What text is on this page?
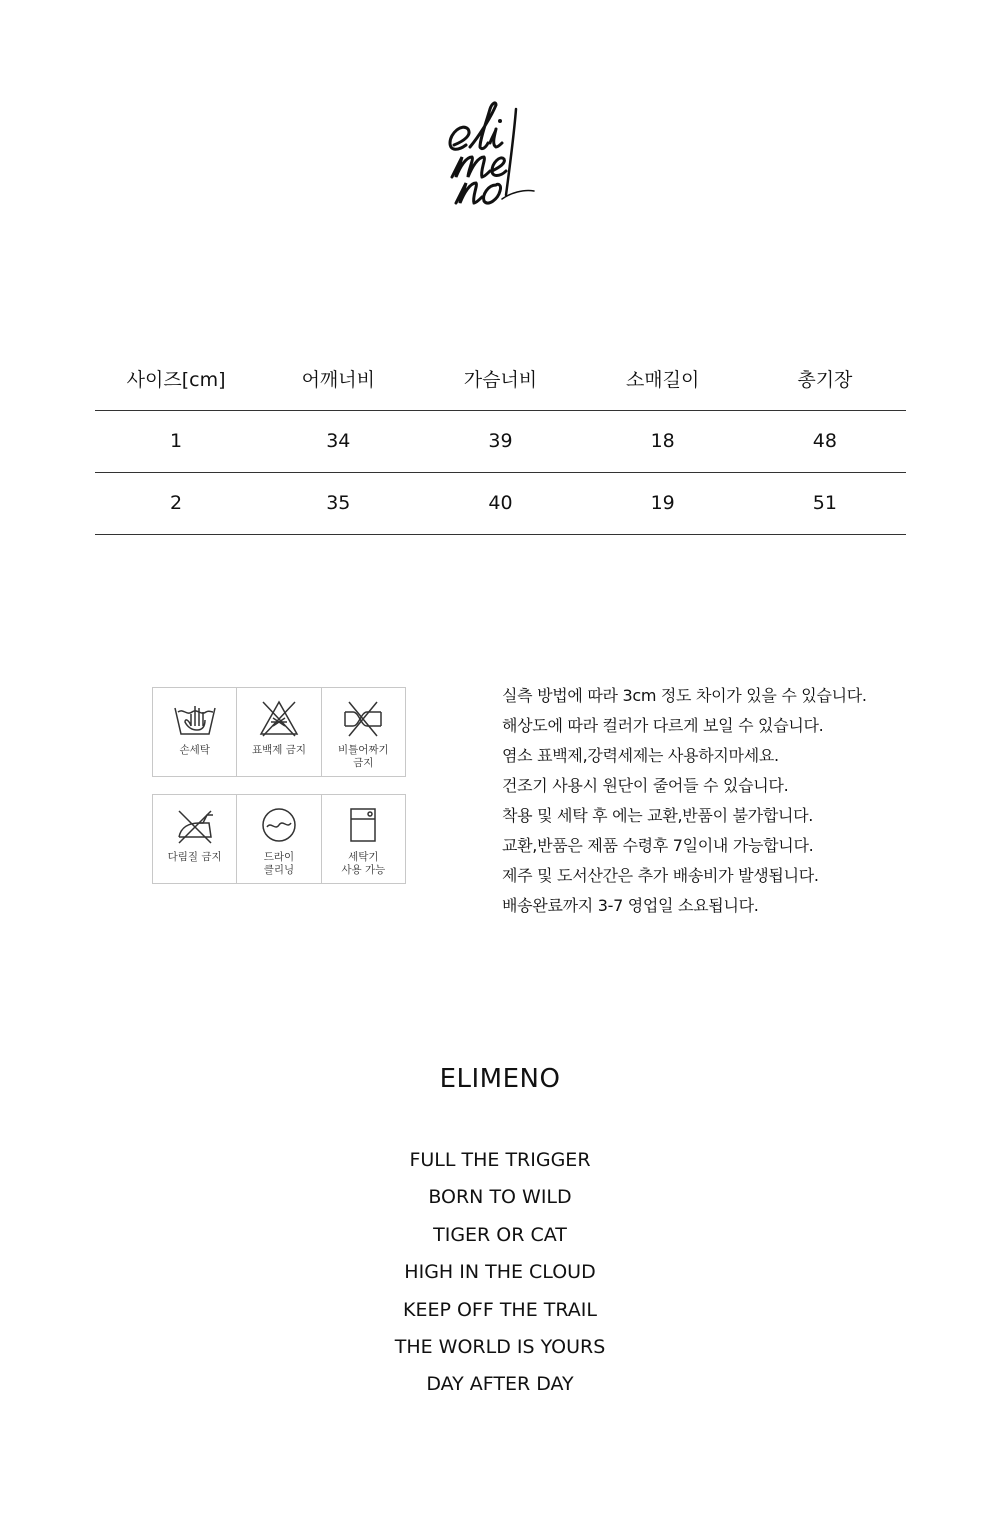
사이즈[cm]	어깨너비	가슴너비	소매길이	총기장
1	34	39	18	48
2	35	40	19	51
손세탁	표백제 금지	비틀어짜기
금지
다림질 금지	드라이
클리닝
세탁기
사용 가능
실측 방법에 따라 3cm 정도 차이가 있을 수 있습니다.
해상도에 따라 컬러가 다르게 보일 수 있습니다.
염소 표백제,강력세제는 사용하지마세요.
건조기 사용시 원단이 줄어들 수 있습니다.
착용 및 세탁 후 에는 교환,반품이 불가합니다.
교환,반품은 제품 수령후 7일이내 가능합니다.
제주 및 도서산간은 추가 배송비가 발생됩니다.
배송완료까지 3-7 영업일 소요됩니다.
ELIMENO
FULL THE TRIGGER
BORN TO WILD
TIGER OR CAT
HIGH IN THE CLOUD
KEEP OFF THE TRAIL
THE WORLD IS YOURS
DAY AFTER DAY
